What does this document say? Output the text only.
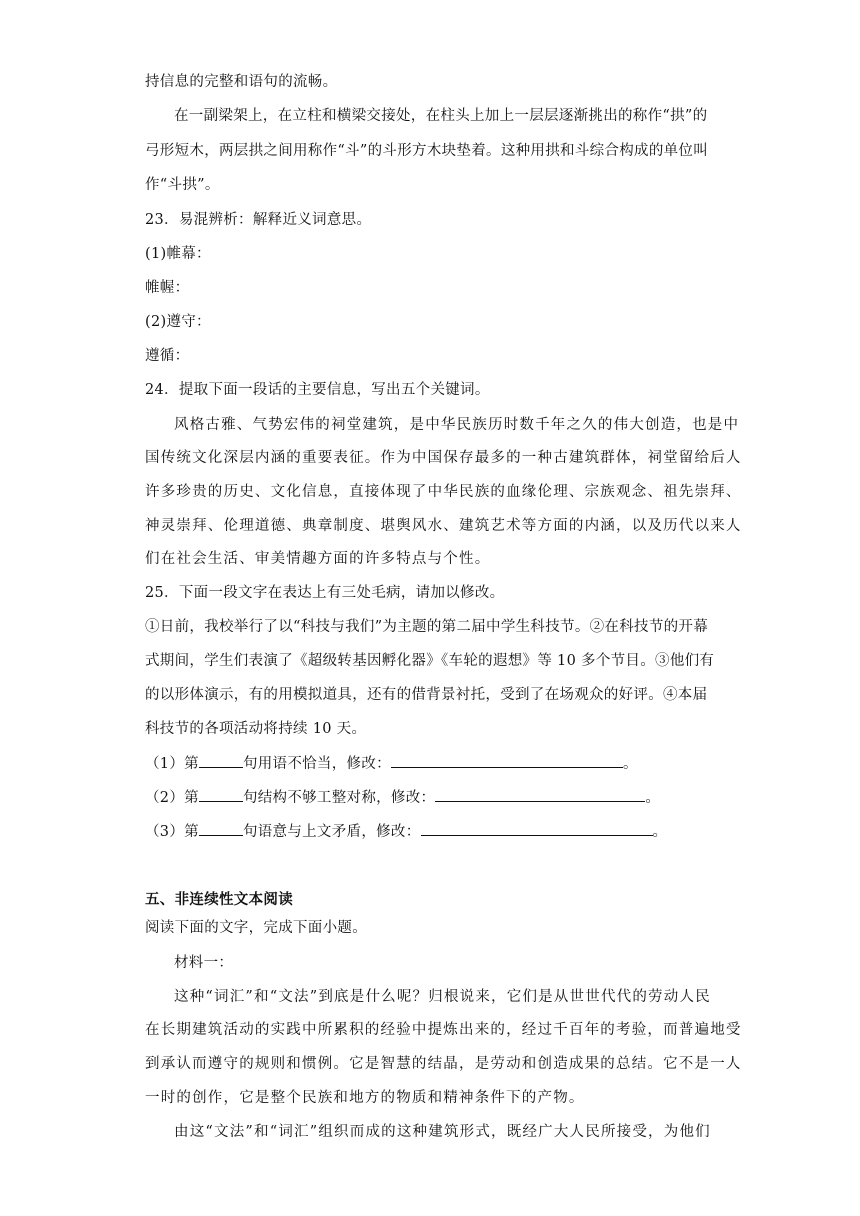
持信息的完整和语句的流畅。
在一副梁架上，在立柱和横梁交接处，在柱头上加上一层层逐渐挑出的称作“拱”的
弓形短木，两层拱之间用称作“斗”的斗形方木块垫着。这种用拱和斗综合构成的单位叫
作“斗拱”。
23．易混辨析：解释近义词意思。
(1)帷幕：
帷幄：
(2)遵守：
遵循：
24．提取下面一段话的主要信息，写出五个关键词。
风格古雅、气势宏伟的祠堂建筑，是中华民族历时数千年之久的伟大创造，也是中
国传统文化深层内涵的重要表征。作为中国保存最多的一种古建筑群体，祠堂留给后人
许多珍贵的历史、文化信息，直接体现了中华民族的血缘伦理、宗族观念、祖先崇拜、
神灵崇拜、伦理道德、典章制度、堪舆风水、建筑艺术等方面的内涵，以及历代以来人
们在社会生活、审美情趣方面的许多特点与个性。
25．下面一段文字在表达上有三处毛病，请加以修改。
①日前，我校举行了以“科技与我们”为主题的第二届中学生科技节。②在科技节的开幕
式期间，学生们表演了《超级转基因孵化器》《车轮的遐想》等 10 多个节目。③他们有
的以形体演示，有的用模拟道具，还有的借背景衬托，受到了在场观众的好评。④本届
科技节的各项活动将持续 10 天。
（1）第	句用语不恰当，修改：	。
（2）第	句结构不够工整对称，修改：	。
（3）第	句语意与上文矛盾，修改：	。
五、非连续性文本阅读
阅读下面的文字，完成下面小题。
材料一：
这种“词汇”和“文法”到底是什么呢？归根说来，它们是从世世代代的劳动人民
在长期建筑活动的实践中所累积的经验中提炼出来的，经过千百年的考验，而普遍地受
到承认而遵守的规则和惯例。它是智慧的结晶，是劳动和创造成果的总结。它不是一人
一时的创作，它是整个民族和地方的物质和精神条件下的产物。
由这“文法”和“词汇”组织而成的这种建筑形式，既经广大人民所接受，为他们
